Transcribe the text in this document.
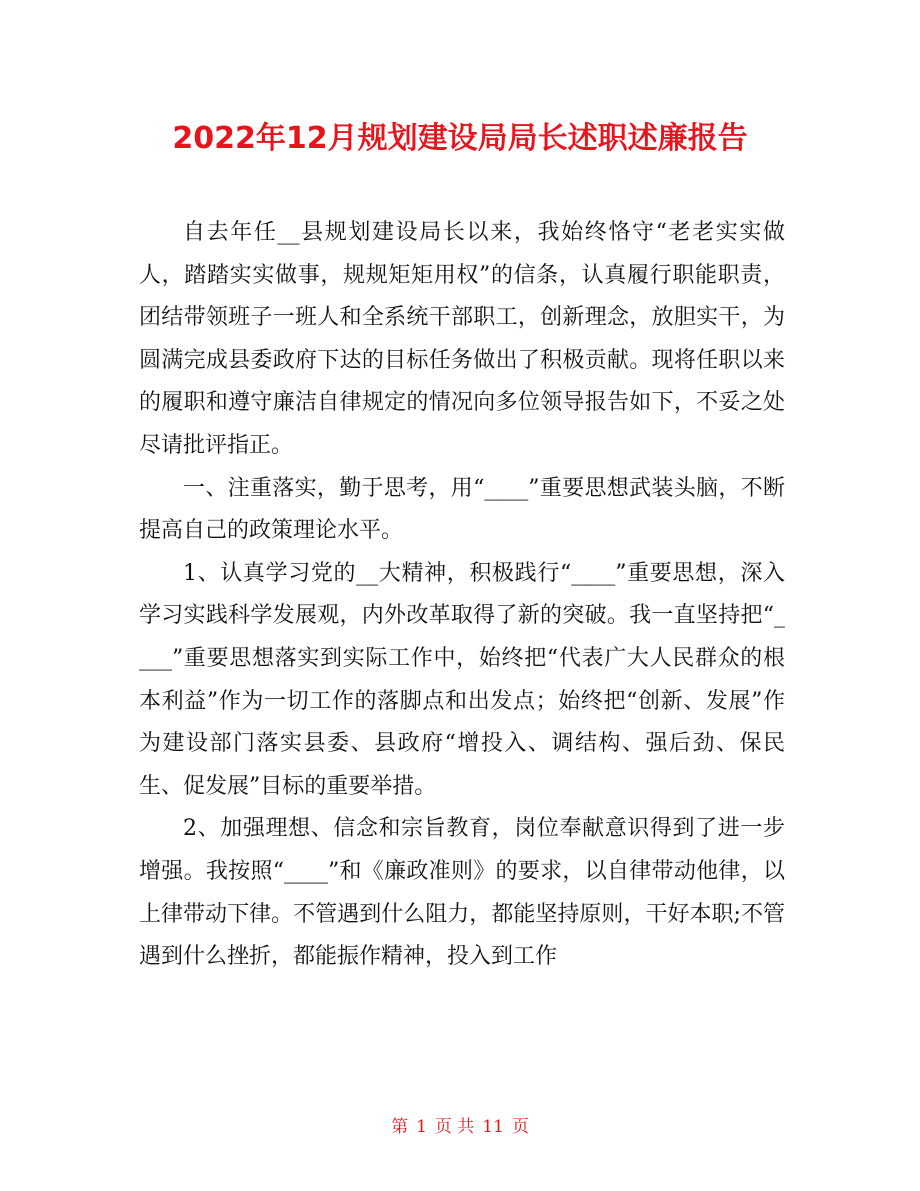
2022年12月规划建设局局长述职述廉报告

自去年任__县规划建设局长以来，我始终恪守“老老实实做人，踏踏实实做事，规规矩矩用权”的信条，认真履行职能职责，团结带领班子一班人和全系统干部职工，创新理念，放胆实干，为圆满完成县委政府下达的目标任务做出了积极贡献。现将任职以来的履职和遵守廉洁自律规定的情况向多位领导报告如下，不妥之处尽请批评指正。

一、注重落实，勤于思考，用“____”重要思想武装头脑，不断提高自己的政策理论水平。

1、认真学习党的__大精神，积极践行“____”重要思想，深入学习实践科学发展观，内外改革取得了新的突破。我一直坚持把“____”重要思想落实到实际工作中，始终把“代表广大人民群众的根本利益”作为一切工作的落脚点和出发点；始终把“创新、发展”作为建设部门落实县委、县政府“增投入、调结构、强后劲、保民生、促发展”目标的重要举措。

2、加强理想、信念和宗旨教育，岗位奉献意识得到了进一步增强。我按照“____”和《廉政准则》的要求，以自律带动他律，以上律带动下律。不管遇到什么阻力，都能坚持原则，干好本职;不管遇到什么挫折，都能振作精神，投入到工作

第 1 页 共 11 页
